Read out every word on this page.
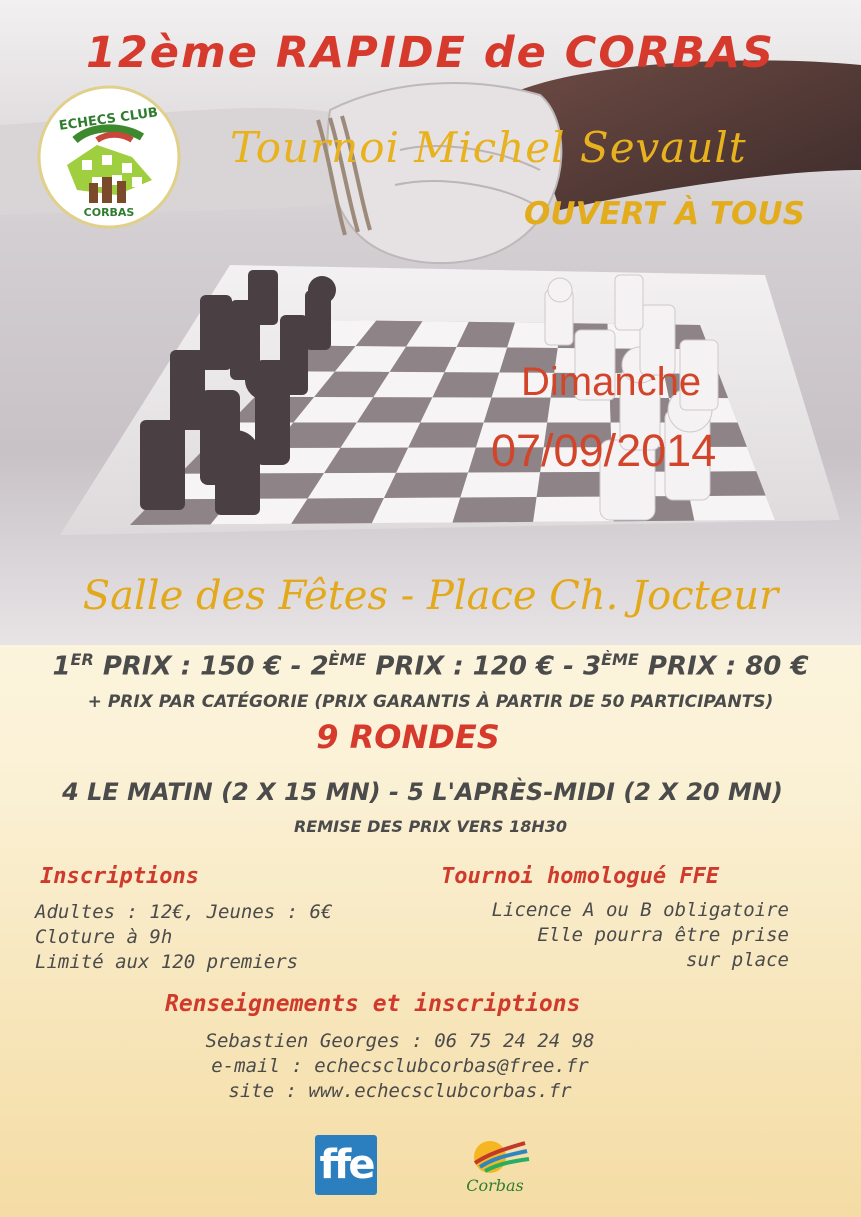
ECHECS CLUB
CORBAS
12ème RAPIDE de CORBAS
Tournoi Michel Sevault
OUVERT À TOUS
Dimanche
07/09/2014
Salle des Fêtes - Place Ch. Jocteur
1ER PRIX : 150 € - 2ÈME PRIX : 120 € - 3ÈME PRIX : 80 €
+ PRIX PAR CATÉGORIE (PRIX GARANTIS À PARTIR DE 50 PARTICIPANTS)
9 RONDES
4 LE MATIN (2 X 15 MN) - 5 L'APRÈS-MIDI (2 X 20 MN)
REMISE DES PRIX VERS 18H30
Inscriptions
Adultes : 12€, Jeunes : 6€
Cloture à 9h
Limité aux 120 premiers
Tournoi homologué FFE
Licence A ou B obligatoire
Elle pourra être prise
sur place
Renseignements et inscriptions
Sebastien Georges : 06 75 24 24 98
e-mail : echecsclubcorbas@free.fr
site : www.echecsclubcorbas.fr
ffe	Corbas
